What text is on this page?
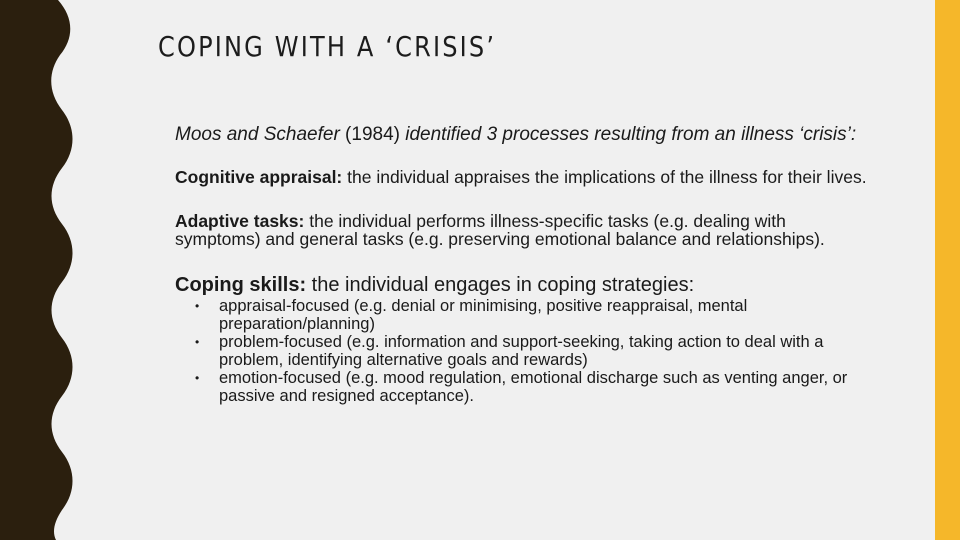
COPING WITH A ‘CRISIS’

Moos and Schaefer (1984) identified 3 processes resulting from an illness ‘crisis’:

Cognitive appraisal: the individual appraises the implications of the illness for their lives.

Adaptive tasks: the individual performs illness-specific tasks (e.g. dealing with symptoms) and general tasks (e.g. preserving emotional balance and relationships).

Coping skills: the individual engages in coping strategies:

• appraisal-focused (e.g. denial or minimising, positive reappraisal, mental preparation/planning)
• problem-focused (e.g. information and support-seeking, taking action to deal with a problem, identifying alternative goals and rewards)
• emotion-focused (e.g. mood regulation, emotional discharge such as venting anger, or passive and resigned acceptance).
